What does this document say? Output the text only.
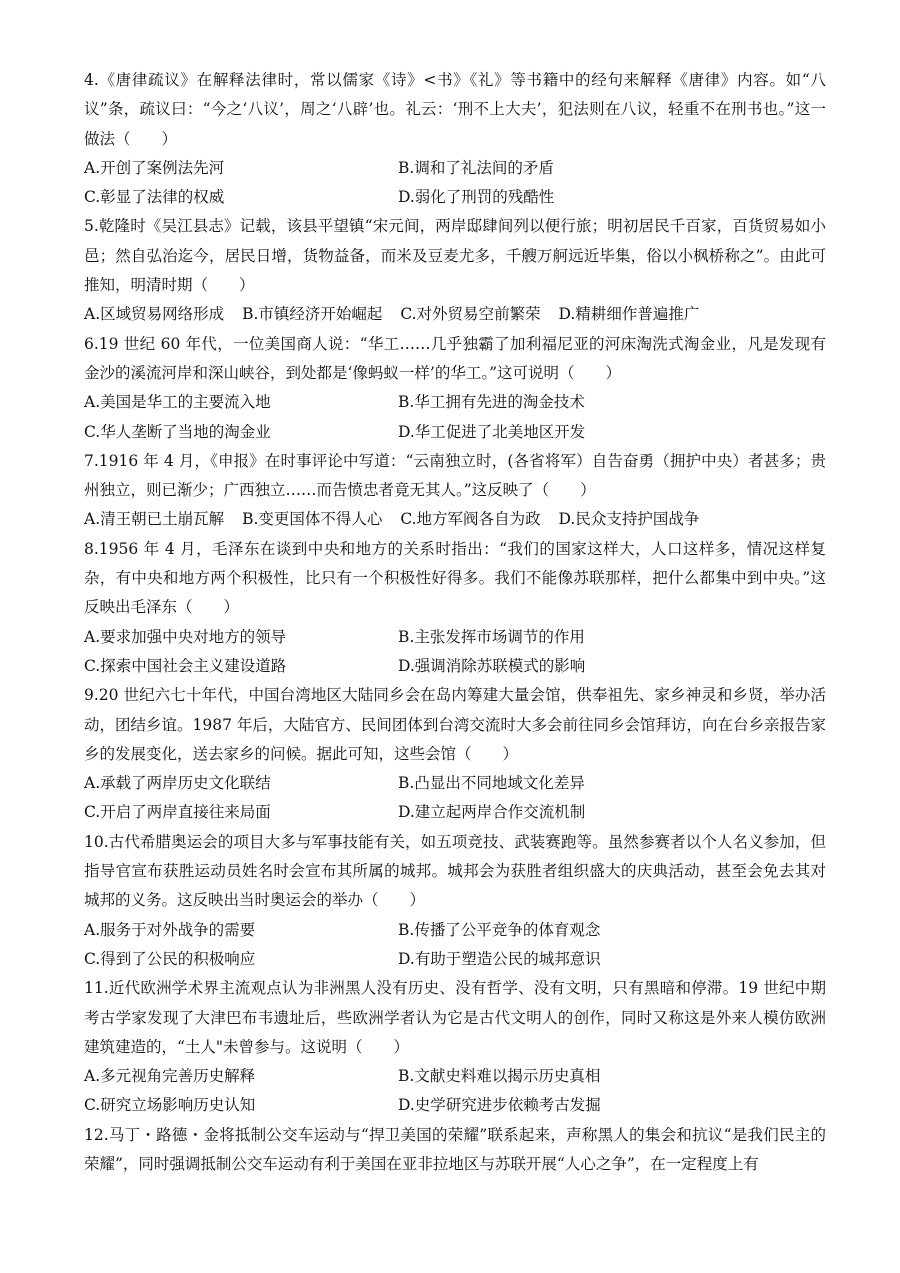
4.《唐律疏议》在解释法律时，常以儒家《诗》<书》《礼》等书籍中的经句来解释《唐律》内容。如“八议”条，疏议曰：“今之‘八议’，周之‘八辟’也。礼云：‘刑不上大夫’，犯法则在八议，轻重不在刑书也。”这一做法（　　）

A.开创了案例法先河	B.调和了礼法间的矛盾
C.彰显了法律的权威	D.弱化了刑罚的残酷性

5.乾隆时《吴江县志》记载，该县平望镇“宋元间，两岸邸肆间列以便行旅；明初居民千百家，百货贸易如小邑；然自弘治迄今，居民日增，货物益备，而米及豆麦尤多，千艘万舸远近毕集，俗以小枫桥称之”。由此可推知，明清时期（　　）

A.区域贸易网络形成 B.市镇经济开始崛起 C.对外贸易空前繁荣 D.精耕细作普遍推广

6.19 世纪 60 年代，一位美国商人说：“华工……几乎独霸了加利福尼亚的河床淘洗式淘金业，凡是发现有金沙的溪流河岸和深山峡谷，到处都是‘像蚂蚁一样’的华工。”这可说明（　　）

A.美国是华工的主要流入地	B.华工拥有先进的淘金技术
C.华人垄断了当地的淘金业	D.华工促进了北美地区开发

7.1916 年 4 月，《申报》在时事评论中写道：“云南独立时，(各省将军）自告奋勇（拥护中央）者甚多；贵州独立，则已渐少；广西独立……而告愤忠者竟无其人。”这反映了（　　）

A.清王朝已土崩瓦解 B.变更国体不得人心 C.地方军阀各自为政 D.民众支持护国战争

8.1956 年 4 月，毛泽东在谈到中央和地方的关系时指出：“我们的国家这样大，人口这样多，情况这样复杂，有中央和地方两个积极性，比只有一个积极性好得多。我们不能像苏联那样，把什么都集中到中央。”这反映出毛泽东（　　）

A.要求加强中央对地方的领导	B.主张发挥市场调节的作用
C.探索中国社会主义建设道路	D.强调消除苏联模式的影响

9.20 世纪六七十年代，中国台湾地区大陆同乡会在岛内筹建大量会馆，供奉祖先、家乡神灵和乡贤，举办活动，团结乡谊。1987 年后，大陆官方、民间团体到台湾交流时大多会前往同乡会馆拜访，向在台乡亲报告家乡的发展变化，送去家乡的问候。据此可知，这些会馆（　　）

A.承载了两岸历史文化联结	B.凸显出不同地域文化差异
C.开启了两岸直接往来局面	D.建立起两岸合作交流机制

10.古代希腊奥运会的项目大多与军事技能有关，如五项竞技、武装赛跑等。虽然参赛者以个人名义参加，但指导官宣布获胜运动员姓名时会宣布其所属的城邦。城邦会为获胜者组织盛大的庆典活动，甚至会免去其对城邦的义务。这反映出当时奥运会的举办（　　）

A.服务于对外战争的需要	B.传播了公平竞争的体育观念
C.得到了公民的积极响应	D.有助于塑造公民的城邦意识

11.近代欧洲学术界主流观点认为非洲黑人没有历史、没有哲学、没有文明，只有黑暗和停滞。19 世纪中期考古学家发现了大津巴布韦遗址后，些欧洲学者认为它是古代文明人的创作，同时又称这是外来人模仿欧洲建筑建造的，“土人"未曾参与。这说明（　　）

A.多元视角完善历史解释	B.文献史料难以揭示历史真相
C.研究立场影响历史认知	D.史学研究进步依赖考古发掘

12.马丁・路德・金将抵制公交车运动与“捍卫美国的荣耀”联系起来，声称黑人的集会和抗议“是我们民主的荣耀”，同时强调抵制公交车运动有利于美国在亚非拉地区与苏联开展“人心之争”，在一定程度上有
